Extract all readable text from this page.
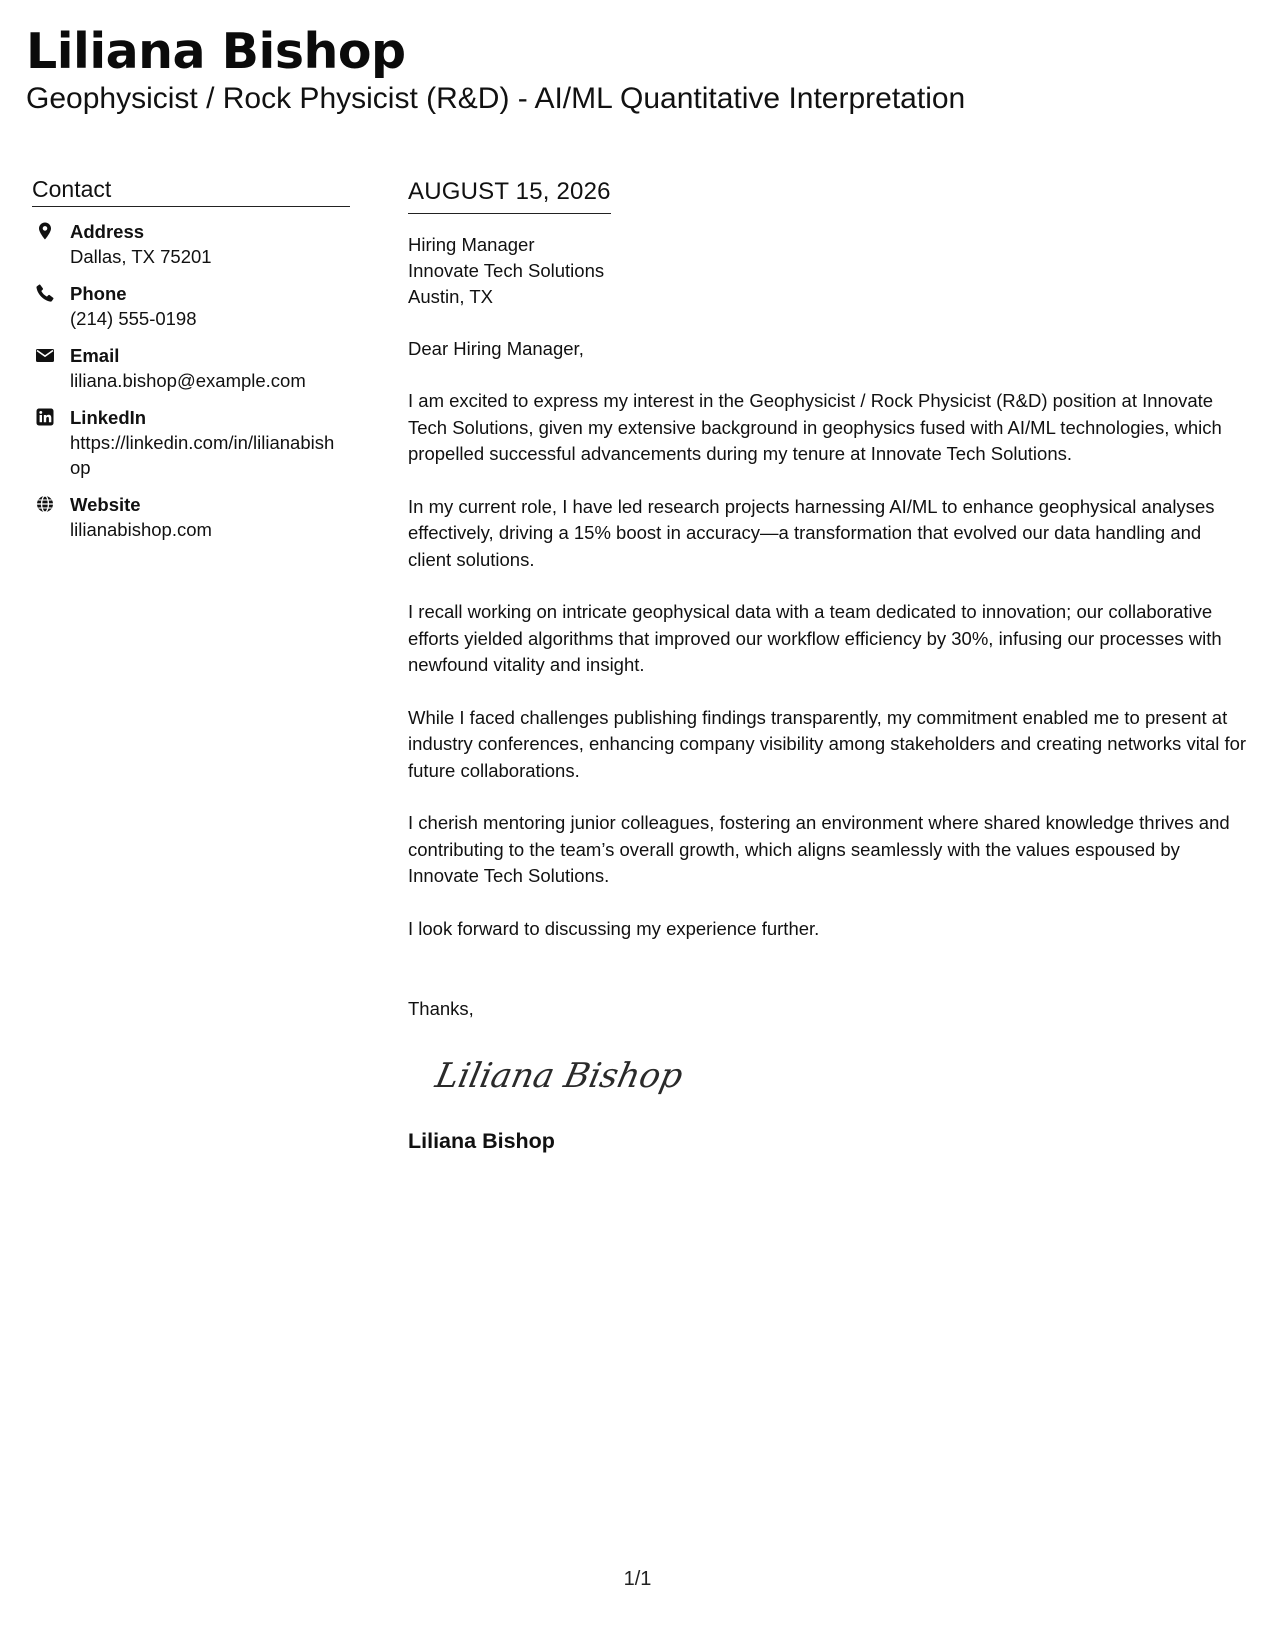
Liliana Bishop

Geophysicist / Rock Physicist (R&D) - AI/ML Quantitative Interpretation

Contact
Address
Dallas, TX 75201
Phone
(214) 555-0198
Email
liliana.bishop@example.com
LinkedIn
https://linkedin.com/in/lilianabishop
Website
lilianabishop.com
AUGUST 15, 2026
Hiring Manager
Innovate Tech Solutions
Austin, TX

Dear Hiring Manager,

I am excited to express my interest in the Geophysicist / Rock Physicist (R&D) position at Innovate Tech Solutions, given my extensive background in geophysics fused with AI/ML technologies, which propelled successful advancements during my tenure at Innovate Tech Solutions.

In my current role, I have led research projects harnessing AI/ML to enhance geophysical analyses effectively, driving a 15% boost in accuracy—a transformation that evolved our data handling and client solutions.

I recall working on intricate geophysical data with a team dedicated to innovation; our collaborative efforts yielded algorithms that improved our workflow efficiency by 30%, infusing our processes with newfound vitality and insight.

While I faced challenges publishing findings transparently, my commitment enabled me to present at industry conferences, enhancing company visibility among stakeholders and creating networks vital for future collaborations.

I cherish mentoring junior colleagues, fostering an environment where shared knowledge thrives and contributing to the team’s overall growth, which aligns seamlessly with the values espoused by Innovate Tech Solutions.

I look forward to discussing my experience further.

Thanks,
Liliana Bishop
Liliana Bishop
1/1
